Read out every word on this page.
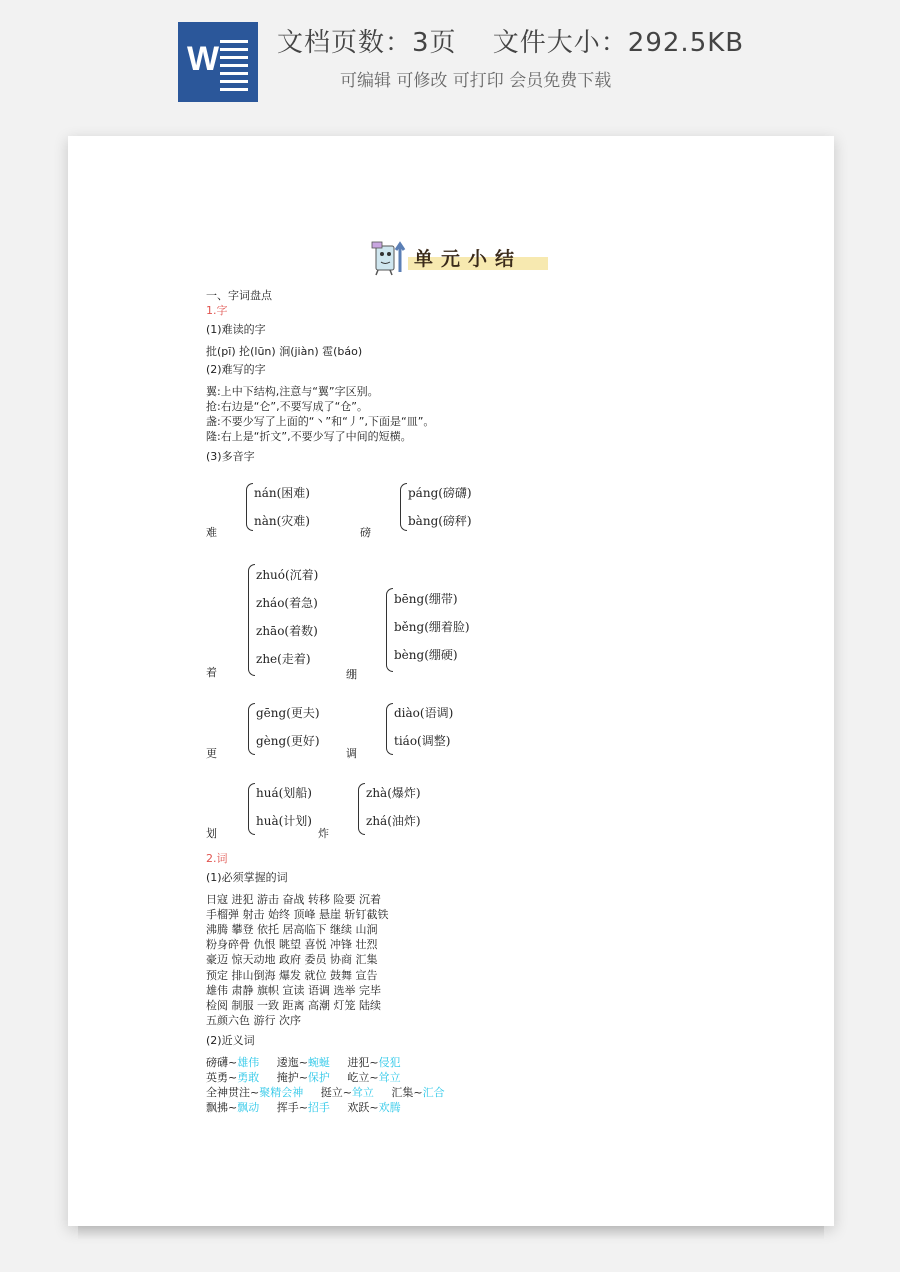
W 文档页数：3页　 文件大小：292.5KB
可编辑 可修改 可打印 会员免费下载
单元小结
一、字词盘点
1.字
(1)难读的字
批(pī) 抡(lūn) 涧(jiàn) 雹(báo)
(2)难写的字
翼:上中下结构,注意与“翼”字区别。
抢:右边是“仑”,不要写成了“仓”。
盏:不要少写了上面的“丶”和“丿”,下面是“皿”。
隆:右上是“折文”,不要少写了中间的短横。
(3)多音字
难
nán(困难)
nàn(灾难)
磅
páng(磅礴)
bàng(磅秤)
着
zhuó(沉着)
zháo(着急)
zhāo(着数)
zhe(走着)
绷
bēng(绷带)
běng(绷着脸)
bèng(绷硬)
更
gēng(更夫)
gèng(更好)
调
diào(语调)
tiáo(调整)
划
huá(划船)
huà(计划)
炸
zhà(爆炸)
zhá(油炸)
2.词
(1)必须掌握的词
日寇 进犯 游击 奋战 转移 险要 沉着
手榴弹 射击 始终 顶峰 悬崖 斩钉截铁
沸腾 攀登 依托 居高临下 继续 山涧
粉身碎骨 仇恨 眺望 喜悦 冲锋 壮烈
豪迈 惊天动地 政府 委员 协商 汇集
预定 排山倒海 爆发 就位 鼓舞 宣告
雄伟 肃静 旗帜 宣读 语调 选举 完毕
检阅 制服 一致 距离 高潮 灯笼 陆续
五颜六色 游行 次序
(2)近义词
磅礴~雄伟 逶迤~蜿蜒 进犯~侵犯
英勇~勇敢 掩护~保护 屹立~耸立
全神贯注~聚精会神 挺立~耸立 汇集~汇合
飘拂~飘动 挥手~招手 欢跃~欢腾
